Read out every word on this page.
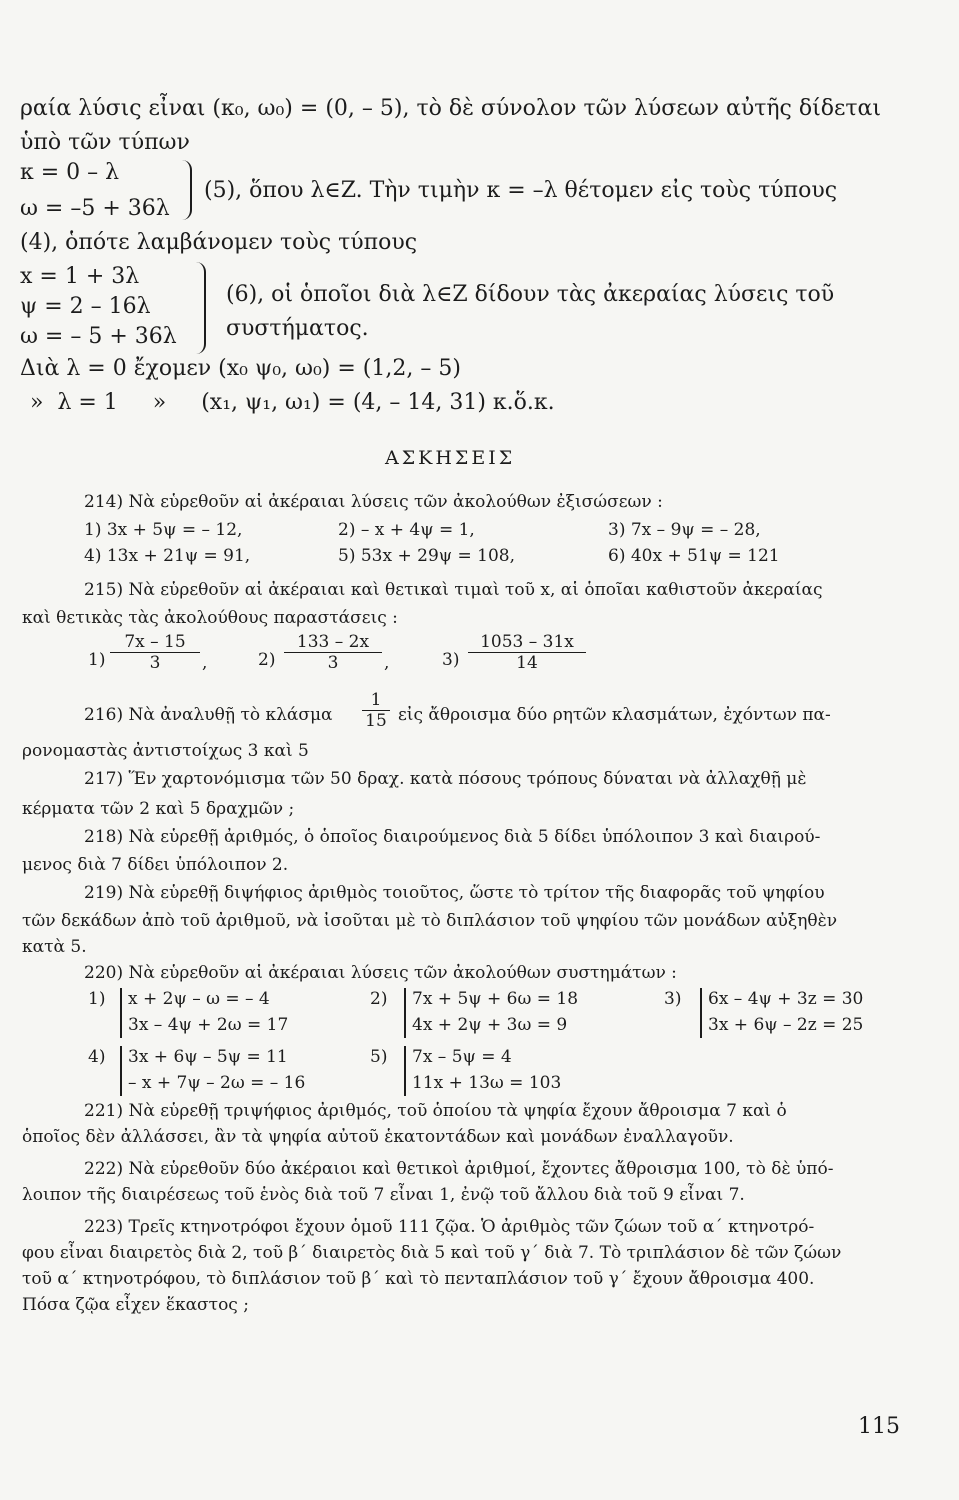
ραία λύσις εἶναι (κ₀, ω₀) = (0, – 5), τὸ δὲ σύνολον τῶν λύσεων αὐτῆς δίδεται
ὑπὸ τῶν τύπων
κ = 0 – λ
ω = –5 + 36λ
(5), ὅπου λ∈Z. Τὴν τιμὴν κ = –λ θέτομεν εἰς τοὺς τύπους
(4), ὁπότε λαμβάνομεν τοὺς τύπους
x = 1 + 3λ
ψ = 2 – 16λ
ω = – 5 + 36λ
(6), οἱ ὁποῖοι διὰ λ∈Z δίδουν τὰς ἀκεραίας λύσεις τοῦ
συστήματος.
Διὰ λ = 0 ἔχομεν (x₀ ψ₀, ω₀) = (1,2, – 5)
»  λ = 1     »     (x₁, ψ₁, ω₁) = (4, – 14, 31) κ.ὅ.κ.
ΑΣΚΗΣΕΙΣ
214) Νὰ εὑρεθοῦν αἱ ἀκέραιαι λύσεις τῶν ἀκολούθων ἐξισώσεων :
1) 3x + 5ψ = – 12,	2) – x + 4ψ = 1,	3) 7x – 9ψ = – 28,
4) 13x + 21ψ = 91,	5) 53x + 29ψ = 108,	6) 40x + 51ψ = 121
215) Νὰ εὑρεθοῦν αἱ ἀκέραιαι καὶ θετικαὶ τιμαὶ τοῦ x, αἱ ὁποῖαι καθιστοῦν ἀκεραίας
καὶ θετικὰς τὰς ἀκολούθους παραστάσεις :
$1) \frac{7x - 15}{3}$ ,	$2) \frac{133 - 2x}{3}$ ,	$3) \frac{1053 - 31x}{14}$
216) Νὰ ἀναλυθῇ τὸ κλάσμα $\frac{1}{15}$ εἰς ἄθροισμα δύο ρητῶν κλασμάτων, ἐχόντων πα-
ρονομαστὰς ἀντιστοίχως 3 καὶ 5
217) Ἕν χαρτονόμισμα τῶν 50 δραχ. κατὰ πόσους τρόπους δύναται νὰ ἀλλαχθῇ μὲ
κέρματα τῶν 2 καὶ 5 δραχμῶν ;
218) Νὰ εὑρεθῇ ἀριθμός, ὁ ὁποῖος διαιρούμενος διὰ 5 δίδει ὑπόλοιπον 3 καὶ διαιρού-
μενος διὰ 7 δίδει ὑπόλοιπον 2.
219) Νὰ εὑρεθῇ διψήφιος ἀριθμὸς τοιοῦτος, ὥστε τὸ τρίτον τῆς διαφορᾶς τοῦ ψηφίου
τῶν δεκάδων ἀπὸ τοῦ ἀριθμοῦ, νὰ ἰσοῦται μὲ τὸ διπλάσιον τοῦ ψηφίου τῶν μονάδων αὐξηθὲν
κατὰ 5.
220) Νὰ εὑρεθοῦν αἱ ἀκέραιαι λύσεις τῶν ἀκολούθων συστημάτων :
1) x + 2ψ – ω = – 4
3x – 4ψ + 2ω = 17
2) 7x + 5ψ + 6ω = 18
4x + 2ψ + 3ω = 9
3) 6x – 4ψ + 3z = 30
3x + 6ψ – 2z = 25
4) 3x + 6ψ – 5ψ = 11
– x + 7ψ – 2ω = – 16
5) 7x – 5ψ = 4
11x + 13ω = 103
221) Νὰ εὑρεθῇ τριψήφιος ἀριθμός, τοῦ ὁποίου τὰ ψηφία ἔχουν ἄθροισμα 7 καὶ ὁ
ὁποῖος δὲν ἀλλάσσει, ἂν τὰ ψηφία αὐτοῦ ἑκατοντάδων καὶ μονάδων ἐναλλαγοῦν.
222) Νὰ εὑρεθοῦν δύο ἀκέραιοι καὶ θετικοὶ ἀριθμοί, ἔχοντες ἄθροισμα 100, τὸ δὲ ὑπό-
λοιπον τῆς διαιρέσεως τοῦ ἑνὸς διὰ τοῦ 7 εἶναι 1, ἐνῷ τοῦ ἄλλου διὰ τοῦ 9 εἶναι 7.
223) Τρεῖς κτηνοτρόφοι ἔχουν ὁμοῦ 111 ζῷα. Ὁ ἀριθμὸς τῶν ζώων τοῦ α΄ κτηνοτρό-
φου εἶναι διαιρετὸς διὰ 2, τοῦ β΄ διαιρετὸς διὰ 5 καὶ τοῦ γ΄ διὰ 7. Τὸ τριπλάσιον δὲ τῶν ζώων
τοῦ α΄ κτηνοτρόφου, τὸ διπλάσιον τοῦ β΄ καὶ τὸ πενταπλάσιον τοῦ γ΄ ἔχουν ἄθροισμα 400.
Πόσα ζῷα εἶχεν ἕκαστος ;
115
